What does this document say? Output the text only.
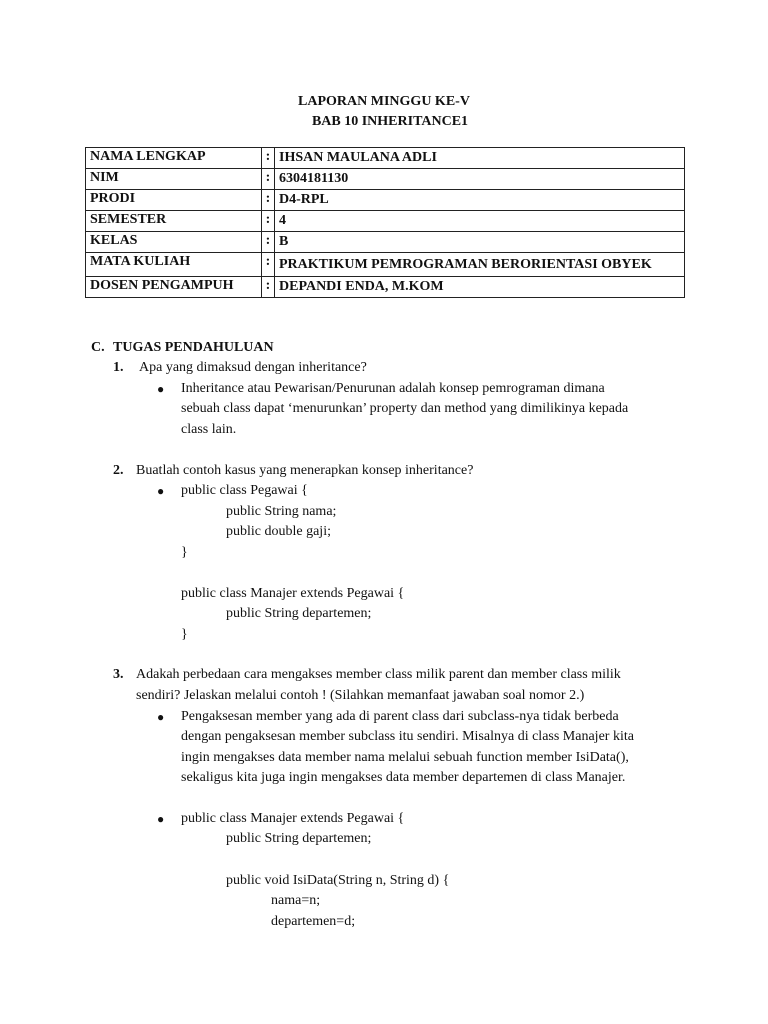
LAPORAN MINGGU KE-V
BAB 10 INHERITANCE1
NAMA LENGKAP	:	IHSAN MAULANA ADLI
NIM	:	6304181130
PRODI	:	D4-RPL
SEMESTER	:	4
KELAS	:	B
MATA KULIAH	:	PRAKTIKUM PEMROGRAMAN BERORIENTASI OBYEK
DOSEN PENGAMPUH	:	DEPANDI ENDA, M.KOM
C. TUGAS PENDAHULUAN
1. Apa yang dimaksud dengan inheritance?
● Inheritance atau Pewarisan/Penurunan adalah konsep pemrograman dimana
sebuah class dapat ‘menurunkan’ property dan method yang dimilikinya kepada
class lain.
2. Buatlah contoh kasus yang menerapkan konsep inheritance?
● public class Pegawai {
public String nama;
public double gaji;
}
public class Manajer extends Pegawai {
public String departemen;
}
3. Adakah perbedaan cara mengakses member class milik parent dan member class milik
sendiri? Jelaskan melalui contoh ! (Silahkan memanfaat jawaban soal nomor 2.)
● Pengaksesan member yang ada di parent class dari subclass-nya tidak berbeda
dengan pengaksesan member subclass itu sendiri. Misalnya di class Manajer kita
ingin mengakses data member nama melalui sebuah function member IsiData(),
sekaligus kita juga ingin mengakses data member departemen di class Manajer.
● public class Manajer extends Pegawai {
public String departemen;
public void IsiData(String n, String d) {
nama=n;
departemen=d;
